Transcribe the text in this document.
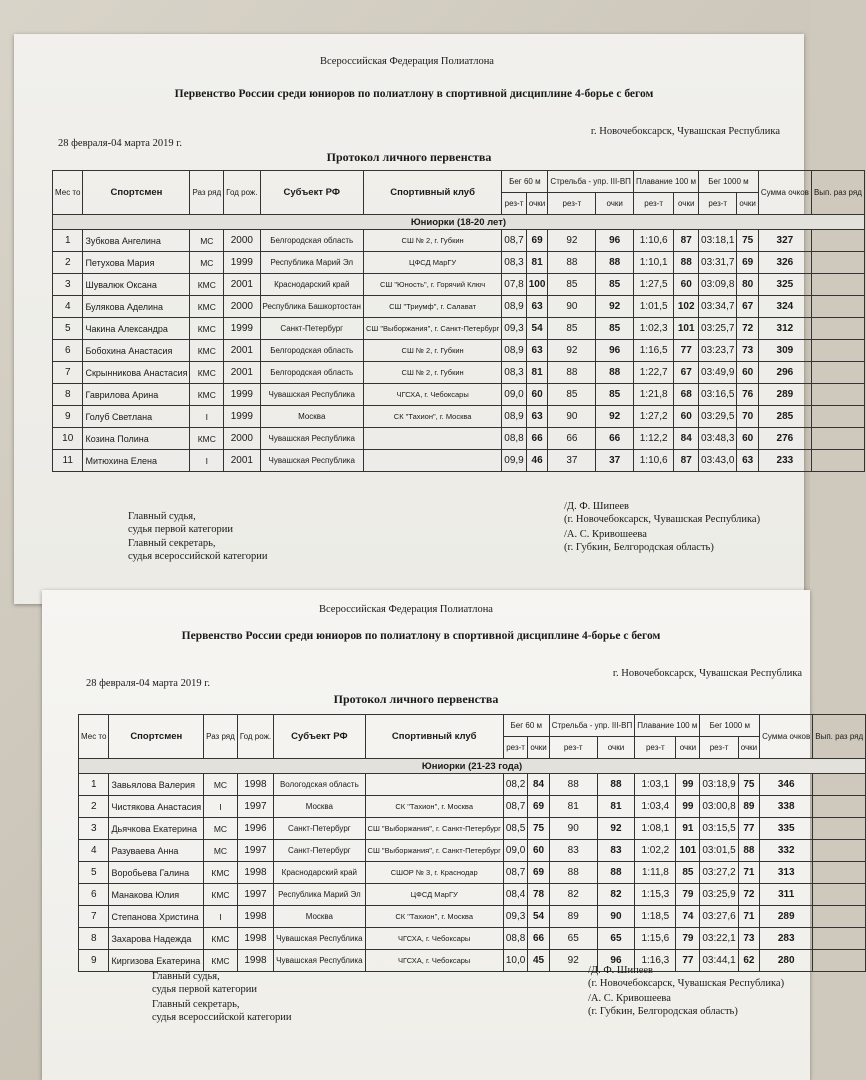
Всероссийская Федерация Полиатлона
Первенство России среди юниоров по полиатлону в спортивной дисциплине 4-борье с бегом
28 февраля-04 марта 2019 г.
г. Новочебоксарск, Чувашская Республика
Протокол личного первенства
Мес то	Спортсмен	Раз ряд	Год рож.	Субъект РФ	Спортивный клуб	Бег 60 м		Стрельба - упр. III-ВП		Плавание 100 м		Бег 1000 м		Сумма очков	Вып. раз ряд
						рез-т	очки	рез-т	очки	рез-т	очки	рез-т	очки		
Юниорки (18-20 лет)															
1	Зубкова Ангелина	МС	2000	Белгородская область	СШ № 2, г. Губкин	08,7	69	92	96	1:10,6	87	03:18,1	75	327	
2	Петухова Мария	МС	1999	Республика Марий Эл	ЦФСД МарГУ	08,3	81	88	88	1:10,1	88	03:31,7	69	326	
3	Шувалюк Оксана	КМС	2001	Краснодарский край	СШ "Юность", г. Горячий Ключ	07,8	100	85	85	1:27,5	60	03:09,8	80	325	
4	Булякова Аделина	КМС	2000	Республика Башкортостан	СШ "Триумф", г. Салават	08,9	63	90	92	1:01,5	102	03:34,7	67	324	
5	Чакина Александра	КМС	1999	Санкт-Петербург	СШ "Выборжания", г. Санкт-Петербург	09,3	54	85	85	1:02,3	101	03:25,7	72	312	
6	Бобохина Анастасия	КМС	2001	Белгородская область	СШ № 2, г. Губкин	08,9	63	92	96	1:16,5	77	03:23,7	73	309	
7	Скрынникова Анастасия	КМС	2001	Белгородская область	СШ № 2, г. Губкин	08,3	81	88	88	1:22,7	67	03:49,9	60	296	
8	Гаврилова Арина	КМС	1999	Чувашская Республика	ЧГСХА, г. Чебоксары	09,0	60	85	85	1:21,8	68	03:16,5	76	289	
9	Голуб Светлана	I	1999	Москва	СК "Тахион", г. Москва	08,9	63	90	92	1:27,2	60	03:29,5	70	285	
10	Козина Полина	КМС	2000	Чувашская Республика		08,8	66	66	66	1:12,2	84	03:48,3	60	276	
11	Митюхина Елена	I	2001	Чувашская Республика		09,9	46	37	37	1:10,6	87	03:43,0	63	233	
Главный судья,
судья первой категории
Главный секретарь,
судья всероссийской категории
/Д. Ф. Шипеев
(г. Новочебоксарск, Чувашская Республика)
/А. С. Кривошеева
(г. Губкин, Белгородская область)
Всероссийская Федерация Полиатлона
Первенство России среди юниоров по полиатлону в спортивной дисциплине 4-борье с бегом
28 февраля-04 марта 2019 г.
г. Новочебоксарск, Чувашская Республика
Протокол личного первенства
Мес то	Спортсмен	Раз ряд	Год рож.	Субъект РФ	Спортивный клуб	Бег 60 м		Стрельба - упр. III-ВП		Плавание 100 м		Бег 1000 м		Сумма очков	Вып. раз ряд
						рез-т	очки	рез-т	очки	рез-т	очки	рез-т	очки		
Юниорки (21-23 года)															
1	Завьялова Валерия	МС	1998	Вологодская область		08,2	84	88	88	1:03,1	99	03:18,9	75	346	
2	Чистякова Анастасия	I	1997	Москва	СК "Тахион", г. Москва	08,7	69	81	81	1:03,4	99	03:00,8	89	338	
3	Дьячкова Екатерина	МС	1996	Санкт-Петербург	СШ "Выборжания", г. Санкт-Петербург	08,5	75	90	92	1:08,1	91	03:15,5	77	335	
4	Разуваева Анна	МС	1997	Санкт-Петербург	СШ "Выборжания", г. Санкт-Петербург	09,0	60	83	83	1:02,2	101	03:01,5	88	332	
5	Воробьева Галина	КМС	1998	Краснодарский край	СШОР № 3, г. Краснодар	08,7	69	88	88	1:11,8	85	03:27,2	71	313	
6	Манакова Юлия	КМС	1997	Республика Марий Эл	ЦФСД МарГУ	08,4	78	82	82	1:15,3	79	03:25,9	72	311	
7	Степанова Христина	I	1998	Москва	СК "Тахион", г. Москва	09,3	54	89	90	1:18,5	74	03:27,6	71	289	
8	Захарова Надежда	КМС	1998	Чувашская Республика	ЧГСХА, г. Чебоксары	08,8	66	65	65	1:15,6	79	03:22,1	73	283	
9	Киргизова Екатерина	КМС	1998	Чувашская Республика	ЧГСХА, г. Чебоксары	10,0	45	92	96	1:16,3	77	03:44,1	62	280	
Главный судья,
судья первой категории
Главный секретарь,
судья всероссийской категории
/Д. Ф. Шипеев
(г. Новочебоксарск, Чувашская Республика)
/А. С. Кривошеева
(г. Губкин, Белгородская область)
